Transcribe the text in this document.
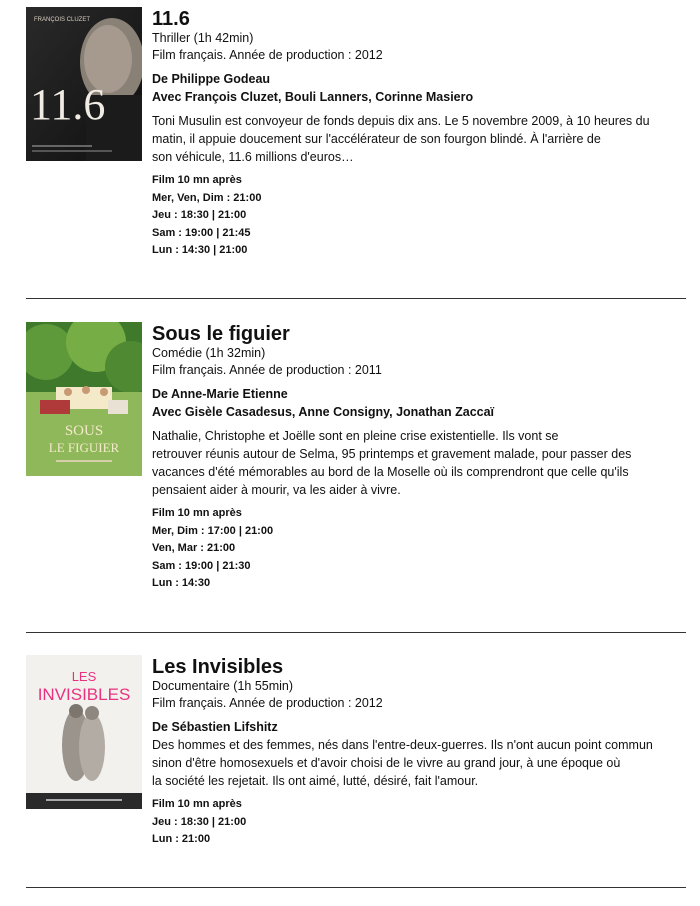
FRANÇOIS CLUZET
11.6

11.6

Thriller (1h 42min)

Film français. Année de production : 2012

De Philippe Godeau

Avec François Cluzet, Bouli Lanners, Corinne Masiero

Toni Musulin est convoyeur de fonds depuis dix ans. Le 5 novembre 2009, à 10 heures du

matin, il appuie doucement sur l'accélérateur de son fourgon blindé. À l'arrière de

son véhicule, 11.6 millions d'euros…

Film 10 mn après

Mer, Ven, Dim : 21:00

Jeu : 18:30 | 21:00

Sam : 19:00 | 21:45

Lun : 14:30 | 21:00

SOUS
LE FIGUIER

Sous le figuier

Comédie (1h 32min)

Film français. Année de production : 2011

De Anne-Marie Etienne

Avec Gisèle Casadesus, Anne Consigny, Jonathan Zaccaï

Nathalie, Christophe et Joëlle sont en pleine crise existentielle. Ils vont se

retrouver réunis autour de Selma, 95 printemps et gravement malade, pour passer des

vacances d'été mémorables au bord de la Moselle où ils comprendront que celle qu'ils

pensaient aider à mourir, va les aider à vivre.

Film 10 mn après

Mer, Dim : 17:00 | 21:00

Ven, Mar : 21:00

Sam : 19:00 | 21:30

Lun : 14:30

LES
INVISIBLES

Les Invisibles

Documentaire (1h 55min)

Film français. Année de production : 2012

De Sébastien Lifshitz

Des hommes et des femmes, nés dans l'entre-deux-guerres. Ils n'ont aucun point commun

sinon d'être homosexuels et d'avoir choisi de le vivre au grand jour, à une époque où

la société les rejetait. Ils ont aimé, lutté, désiré, fait l'amour.

Film 10 mn après

Jeu : 18:30 | 21:00

Lun : 21:00
